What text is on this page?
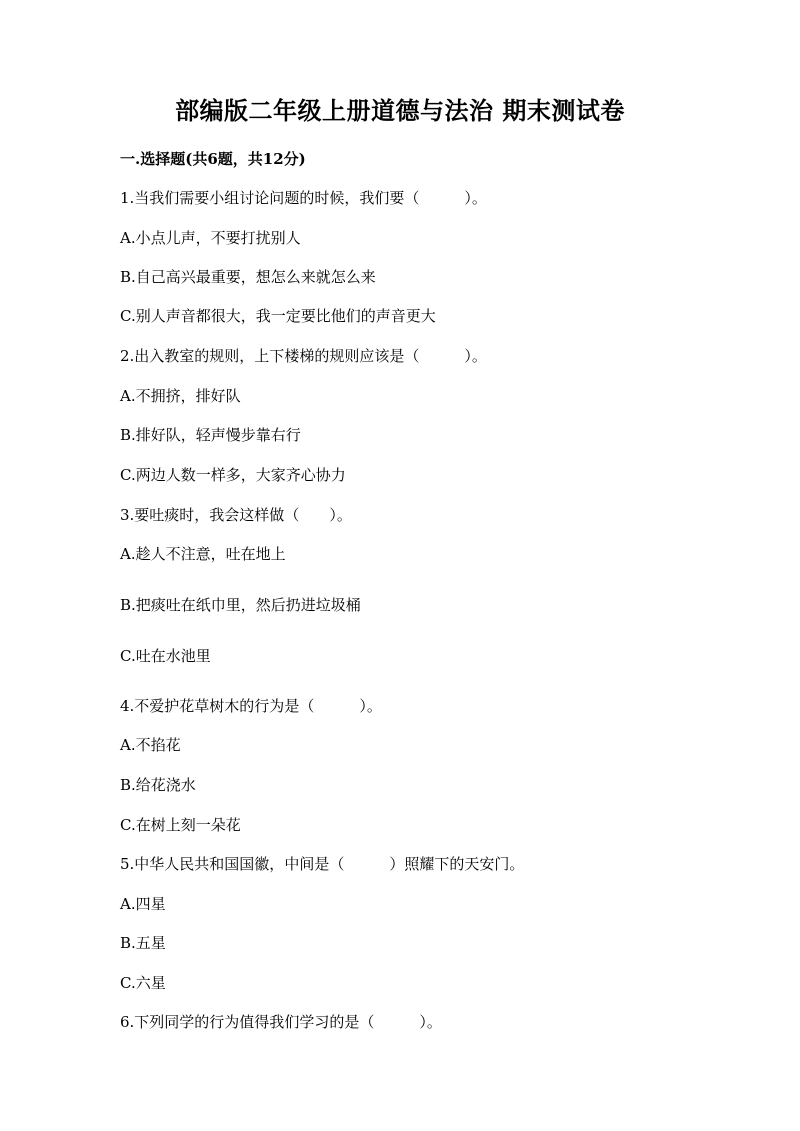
部编版二年级上册道德与法治 期末测试卷
一.选择题(共6题，共12分)
1.当我们需要小组讨论问题的时候，我们要（　　　）。
A.小点儿声，不要打扰别人
B.自己高兴最重要，想怎么来就怎么来
C.别人声音都很大，我一定要比他们的声音更大
2.出入教室的规则，上下楼梯的规则应该是（　　　）。
A.不拥挤，排好队
B.排好队，轻声慢步靠右行
C.两边人数一样多，大家齐心协力
3.要吐痰时，我会这样做（　　）。
A.趁人不注意，吐在地上
B.把痰吐在纸巾里，然后扔进垃圾桶
C.吐在水池里
4.不爱护花草树木的行为是（　　　）。
A.不掐花
B.给花浇水
C.在树上刻一朵花
5.中华人民共和国国徽，中间是（　　　）照耀下的天安门。
A.四星
B.五星
C.六星
6.下列同学的行为值得我们学习的是（　　　）。
